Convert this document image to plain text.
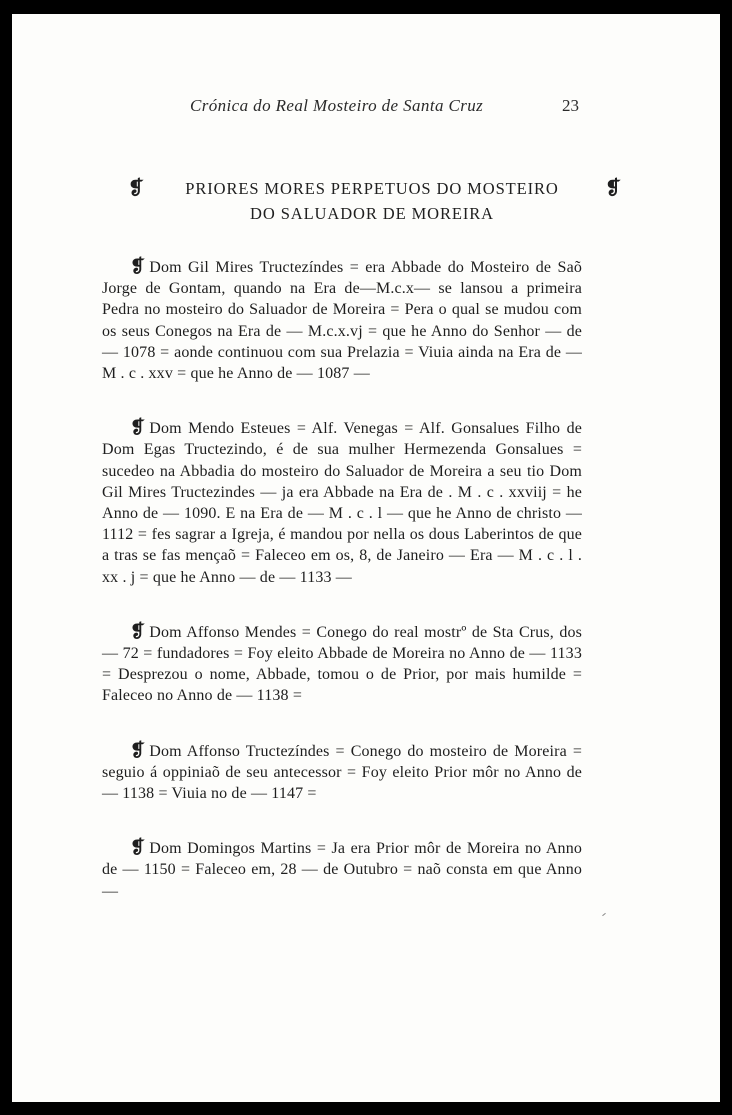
Crónica do Real Mosteiro de Santa Cruz	23
❡	PRIORES MORES PERPETUOS DO MOSTEIRO
DO SALUADOR DE MOREIRA
❡

❡ Dom Gil Mires Tructezíndes = era Abbade do Mosteiro de Saõ Jorge de Gontam, quando na Era de—M.c.x— se lansou a primeira Pedra no mosteiro do Saluador de Moreira = Pera o qual se mudou com os seus Conegos na Era de — M.c.x.vj = que he Anno do Senhor — de — 1078 = aonde continuou com sua Prelazia = Viuia ainda na Era de — M . c . xxv = que he Anno de — 1087 —

❡ Dom Mendo Esteues = Alf. Venegas = Alf. Gonsalues Filho de Dom Egas Tructezindo, é de sua mulher Hermezenda Gonsalues = sucedeo na Abbadia do mosteiro do Saluador de Moreira a seu tio Dom Gil Mires Tructezindes — ja era Abbade na Era de . M . c . xxviij = he Anno de — 1090. E na Era de — M . c . l — que he Anno de christo — 1112 = fes sagrar a Igreja, é mandou por nella os dous Laberintos de que a tras se fas mençaõ = Faleceo em os, 8, de Janeiro — Era — M . c . l . xx . j = que he Anno — de — 1133 —

❡ Dom Affonso Mendes = Conego do real mostrº de Sta Crus, dos — 72 = fundadores = Foy eleito Abbade de Moreira no Anno de — 1133 = Desprezou o nome, Abbade, tomou o de Prior, por mais humilde = Faleceo no Anno de — 1138 =

❡ Dom Affonso Tructezíndes = Conego do mosteiro de Moreira = seguio á oppiniaõ de seu antecessor = Foy eleito Prior môr no Anno de — 1138 = Viuia no de — 1147 =

❡ Dom Domingos Martins = Ja era Prior môr de Moreira no Anno de — 1150 = Faleceo em, 28 — de Outubro = naõ consta em que Anno —
